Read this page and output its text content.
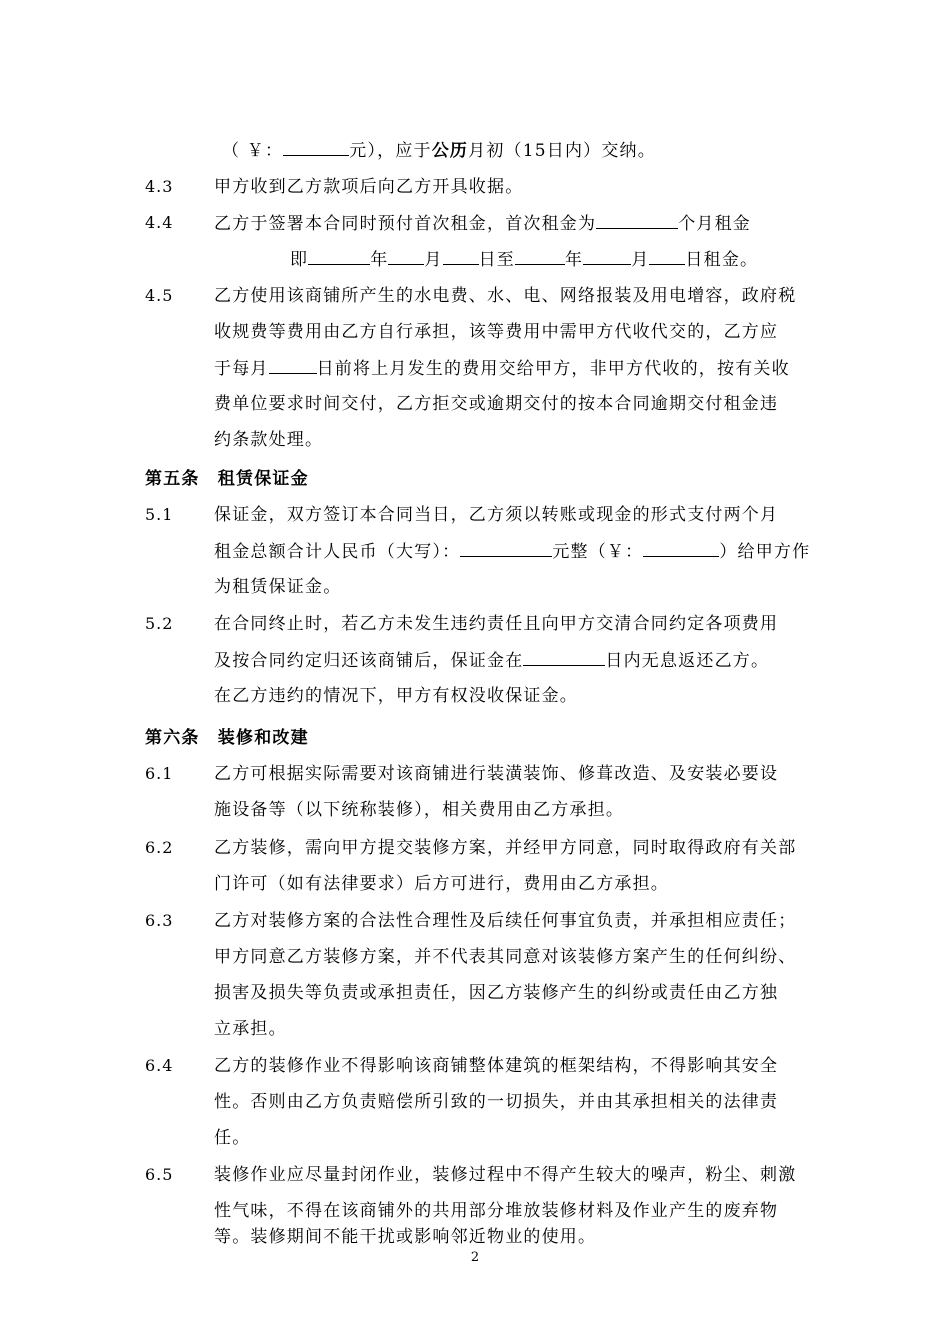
（ ￥：	元），应于公历月初（15日内）交纳。
4.3 甲方收到乙方款项后向乙方开具收据。
4.4 乙方于签署本合同时预付首次租金，首次租金为	个月租金
即	年 月 日至	年	月 日租金。
4.5 乙方使用该商铺所产生的水电费、水、电、网络报装及用电增容，政府税
收规费等费用由乙方自行承担，该等费用中需甲方代收代交的，乙方应
于每月	日前将上月发生的费用交给甲方，非甲方代收的，按有关收
费单位要求时间交付，乙方拒交或逾期交付的按本合同逾期交付租金违
约条款处理。
第五条　租赁保证金
5.1 保证金，双方签订本合同当日，乙方须以转账或现金的形式支付两个月
租金总额合计人民币（大写）：	元整（￥：	）给甲方作
为租赁保证金。
5.2 在合同终止时，若乙方未发生违约责任且向甲方交清合同约定各项费用
及按合同约定归还该商铺后，保证金在	日内无息返还乙方。
在乙方违约的情况下，甲方有权没收保证金。
第六条　装修和改建
6.1 乙方可根据实际需要对该商铺进行装潢装饰、修葺改造、及安装必要设
施设备等（以下统称装修），相关费用由乙方承担。
6.2 乙方装修，需向甲方提交装修方案，并经甲方同意，同时取得政府有关部
门许可（如有法律要求）后方可进行，费用由乙方承担。
6.3 乙方对装修方案的合法性合理性及后续任何事宜负责，并承担相应责任；
甲方同意乙方装修方案，并不代表其同意对该装修方案产生的任何纠纷、
损害及损失等负责或承担责任，因乙方装修产生的纠纷或责任由乙方独
立承担。
6.4 乙方的装修作业不得影响该商铺整体建筑的框架结构，不得影响其安全
性。否则由乙方负责赔偿所引致的一切损失，并由其承担相关的法律责
任。
6.5 装修作业应尽量封闭作业，装修过程中不得产生较大的噪声，粉尘、刺激
性气味，不得在该商铺外的共用部分堆放装修材料及作业产生的废弃物
等。装修期间不能干扰或影响邻近物业的使用。
2
